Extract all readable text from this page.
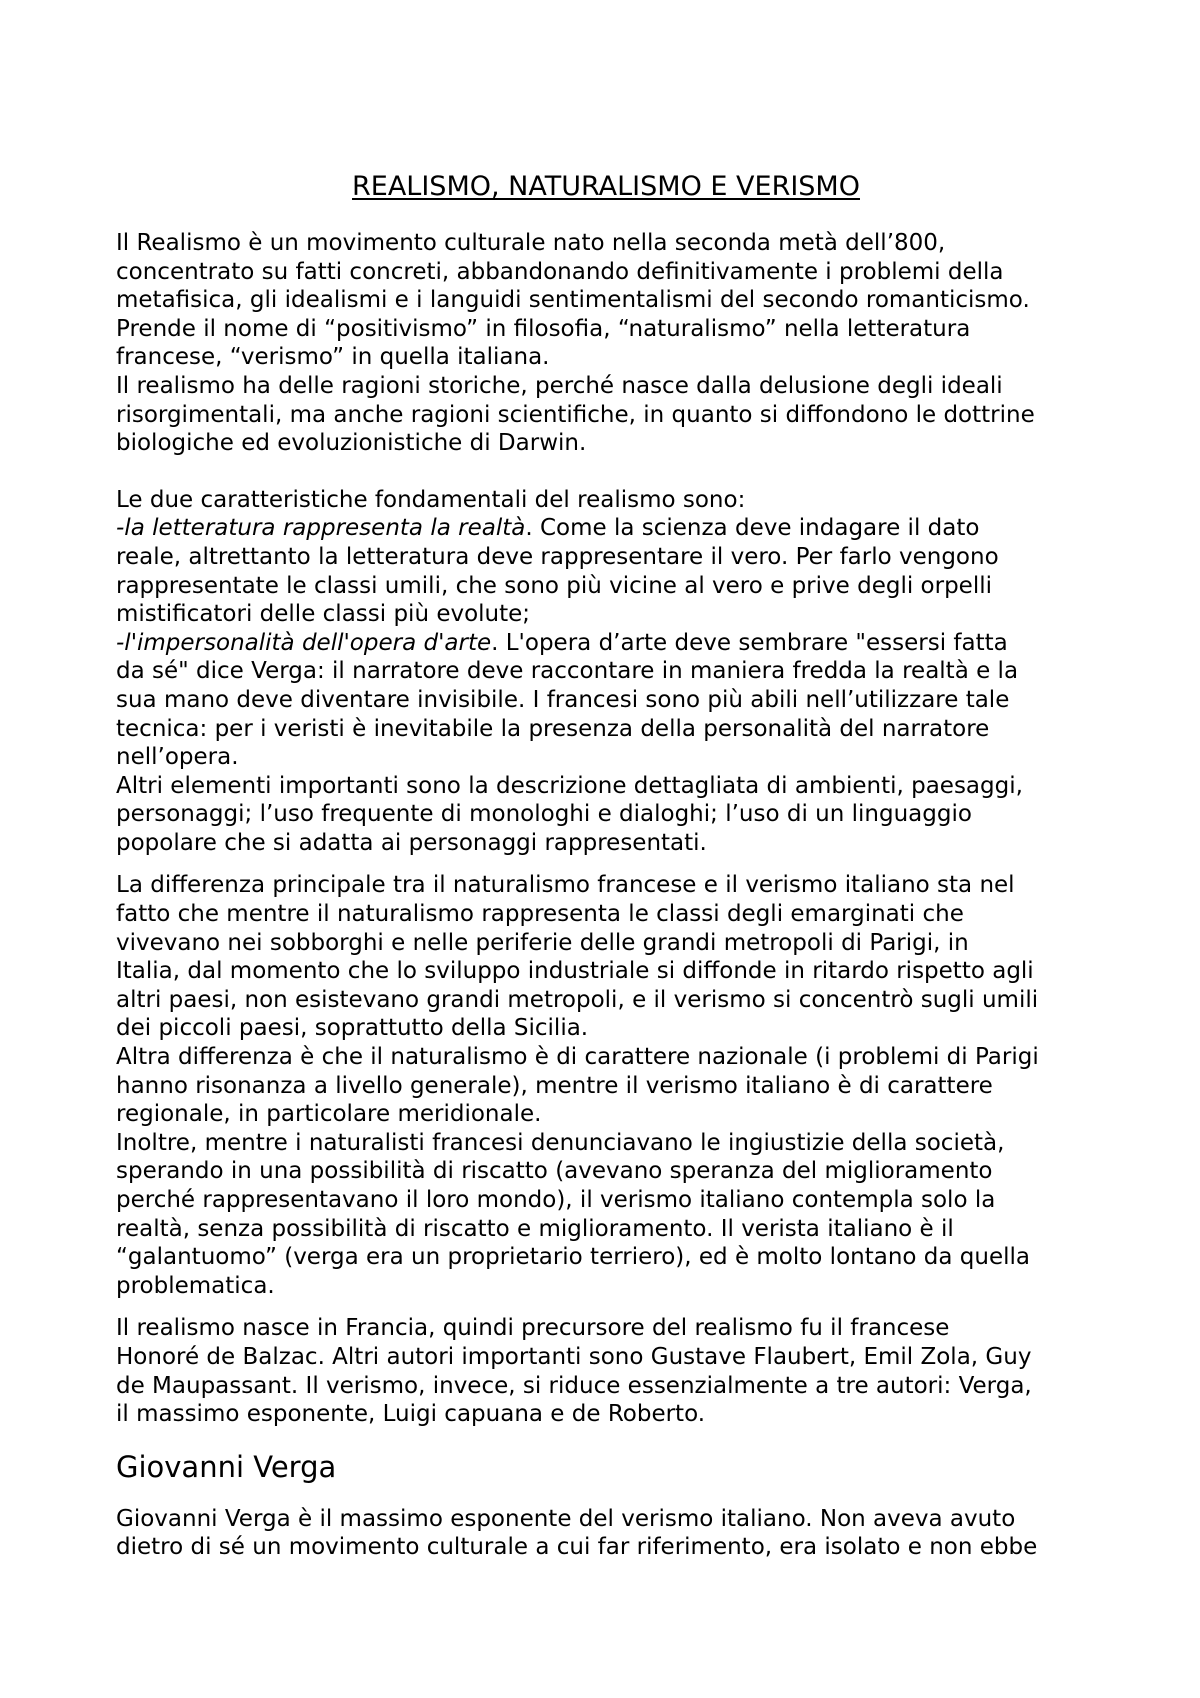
REALISMO, NATURALISMO E VERISMO

Il Realismo è un movimento culturale nato nella seconda metà dell’800,
concentrato su fatti concreti, abbandonando definitivamente i problemi della
metafisica, gli idealismi e i languidi sentimentalismi del secondo romanticismo.
Prende il nome di “positivismo” in filosofia, “naturalismo” nella letteratura
francese, “verismo” in quella italiana.

Il realismo ha delle ragioni storiche, perché nasce dalla delusione degli ideali
risorgimentali, ma anche ragioni scientifiche, in quanto si diffondono le dottrine
biologiche ed evoluzionistiche di Darwin.

Le due caratteristiche fondamentali del realismo sono:
-la letteratura rappresenta la realtà. Come la scienza deve indagare il dato
reale, altrettanto la letteratura deve rappresentare il vero. Per farlo vengono
rappresentate le classi umili, che sono più vicine al vero e prive degli orpelli
mistificatori delle classi più evolute;
-l'impersonalità dell'opera d'arte. L'opera d’arte deve sembrare "essersi fatta
da sé" dice Verga: il narratore deve raccontare in maniera fredda la realtà e la
sua mano deve diventare invisibile. I francesi sono più abili nell’utilizzare tale
tecnica: per i veristi è inevitabile la presenza della personalità del narratore
nell’opera.

Altri elementi importanti sono la descrizione dettagliata di ambienti, paesaggi,
personaggi; l’uso frequente di monologhi e dialoghi; l’uso di un linguaggio
popolare che si adatta ai personaggi rappresentati.

La differenza principale tra il naturalismo francese e il verismo italiano sta nel
fatto che mentre il naturalismo rappresenta le classi degli emarginati che
vivevano nei sobborghi e nelle periferie delle grandi metropoli di Parigi, in
Italia, dal momento che lo sviluppo industriale si diffonde in ritardo rispetto agli
altri paesi, non esistevano grandi metropoli, e il verismo si concentrò sugli umili
dei piccoli paesi, soprattutto della Sicilia.

Altra differenza è che il naturalismo è di carattere nazionale (i problemi di Parigi
hanno risonanza a livello generale), mentre il verismo italiano è di carattere
regionale, in particolare meridionale.

Inoltre, mentre i naturalisti francesi denunciavano le ingiustizie della società,
sperando in una possibilità di riscatto (avevano speranza del miglioramento
perché rappresentavano il loro mondo), il verismo italiano contempla solo la
realtà, senza possibilità di riscatto e miglioramento. Il verista italiano è il
“galantuomo” (verga era un proprietario terriero), ed è molto lontano da quella
problematica.

Il realismo nasce in Francia, quindi precursore del realismo fu il francese
Honoré de Balzac. Altri autori importanti sono Gustave Flaubert, Emil Zola, Guy
de Maupassant. Il verismo, invece, si riduce essenzialmente a tre autori: Verga,
il massimo esponente, Luigi capuana e de Roberto.

Giovanni Verga

Giovanni Verga è il massimo esponente del verismo italiano. Non aveva avuto
dietro di sé un movimento culturale a cui far riferimento, era isolato e non ebbe
